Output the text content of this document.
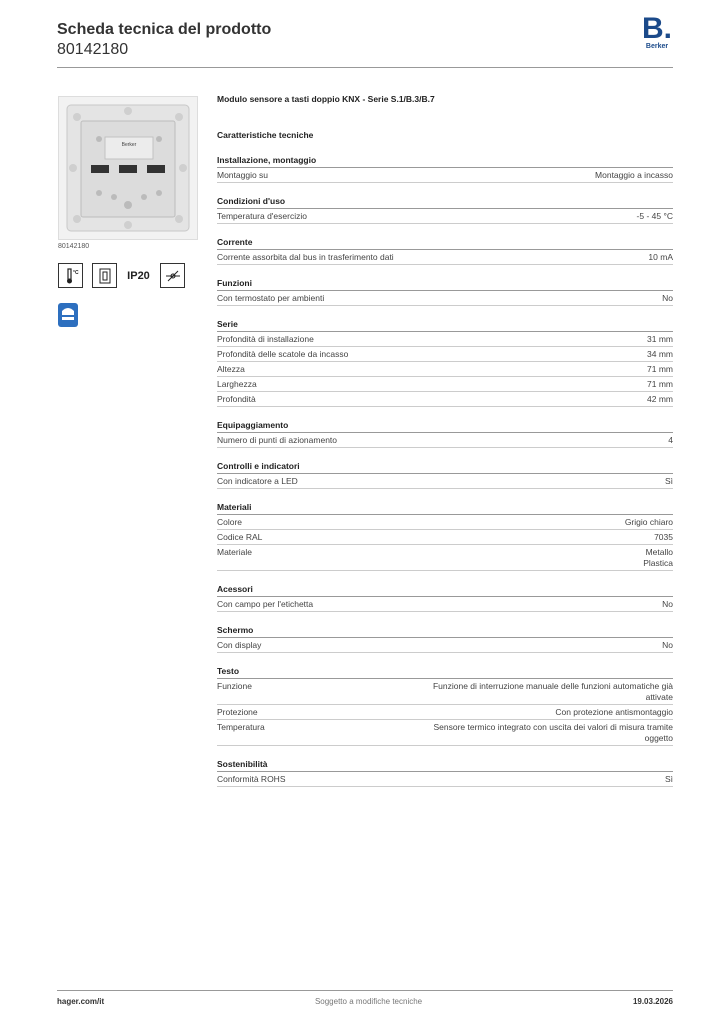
Scheda tecnica del prodotto
80142180
B.
Berker
Berker
80142180
°C	IP20
Modulo sensore a tasti doppio KNX - Serie S.1/B.3/B.7
Caratteristiche tecniche
Installazione, montaggio
Montaggio su	Montaggio a incasso
Condizioni d'uso
Temperatura d'esercizio	-5 - 45 °C
Corrente
Corrente assorbita dal bus in trasferimento dati	10 mA
Funzioni
Con termostato per ambienti	No
Serie
Profondità di installazione	31 mm
Profondità delle scatole da incasso	34 mm
Altezza	71 mm
Larghezza	71 mm
Profondità	42 mm
Equipaggiamento
Numero di punti di azionamento	4
Controlli e indicatori
Con indicatore a LED	Sì
Materiali
Colore	Grigio chiaro
Codice RAL	7035
Materiale	Metallo
Plastica
Acessori
Con campo per l'etichetta	No
Schermo
Con display	No
Testo
Funzione	Funzione di interruzione manuale delle funzioni automatiche già attivate
Protezione	Con protezione antismontaggio
Temperatura	Sensore termico integrato con uscita dei valori di misura tramite oggetto
Sostenibilità
Conformità ROHS	Sì
hager.com/it	Soggetto a modifiche tecniche	19.03.2026
